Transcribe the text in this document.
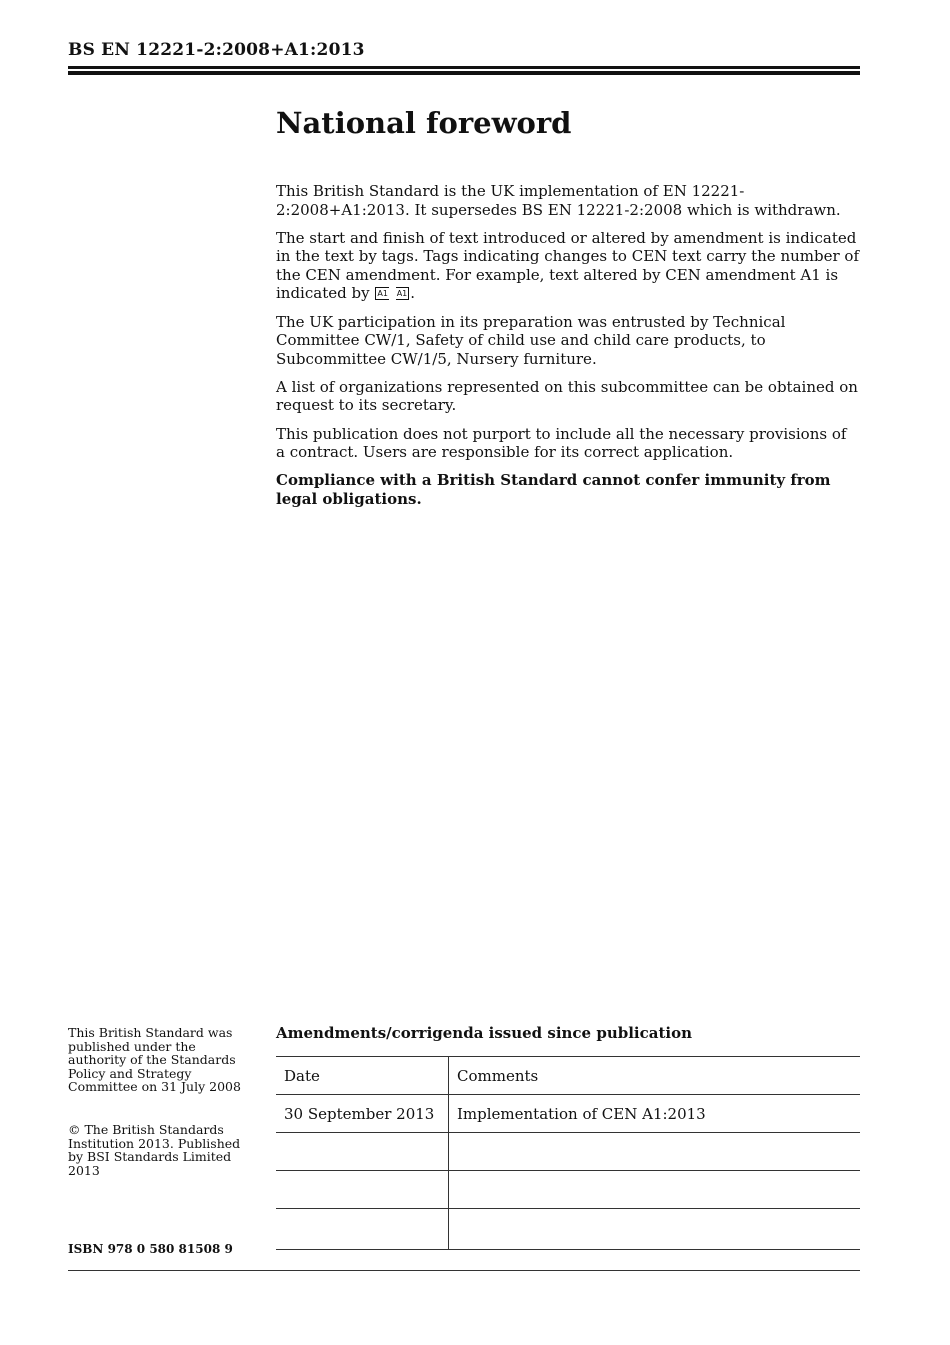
BS EN 12221-2:2008+A1:2013
National foreword

This British Standard is the UK implementation of EN 12221-2:2008+A1:2013. It supersedes BS EN 12221-2:2008 which is withdrawn.

The start and finish of text introduced or altered by amendment is indicated in the text by tags. Tags indicating changes to CEN text carry the number of the CEN amendment. For example, text altered by CEN amendment A1 is indicated by A1 A1 .

The UK participation in its preparation was entrusted by Technical Committee CW/1, Safety of child use and child care products, to Subcommittee CW/1/5, Nursery furniture.

A list of organizations represented on this subcommittee can be obtained on request to its secretary.

This publication does not purport to include all the necessary provisions of a contract. Users are responsible for its correct application.

Compliance with a British Standard cannot confer immunity from legal obligations.

This British Standard was published under the authority of the Standards Policy and Strategy Committee on 31 July 2008

© The British Standards Institution 2013. Published by BSI Standards Limited 2013

ISBN 978 0 580 81508 9
Amendments/corrigenda issued since publication
Date	Comments
30 September 2013	Implementation of CEN A1:2013
